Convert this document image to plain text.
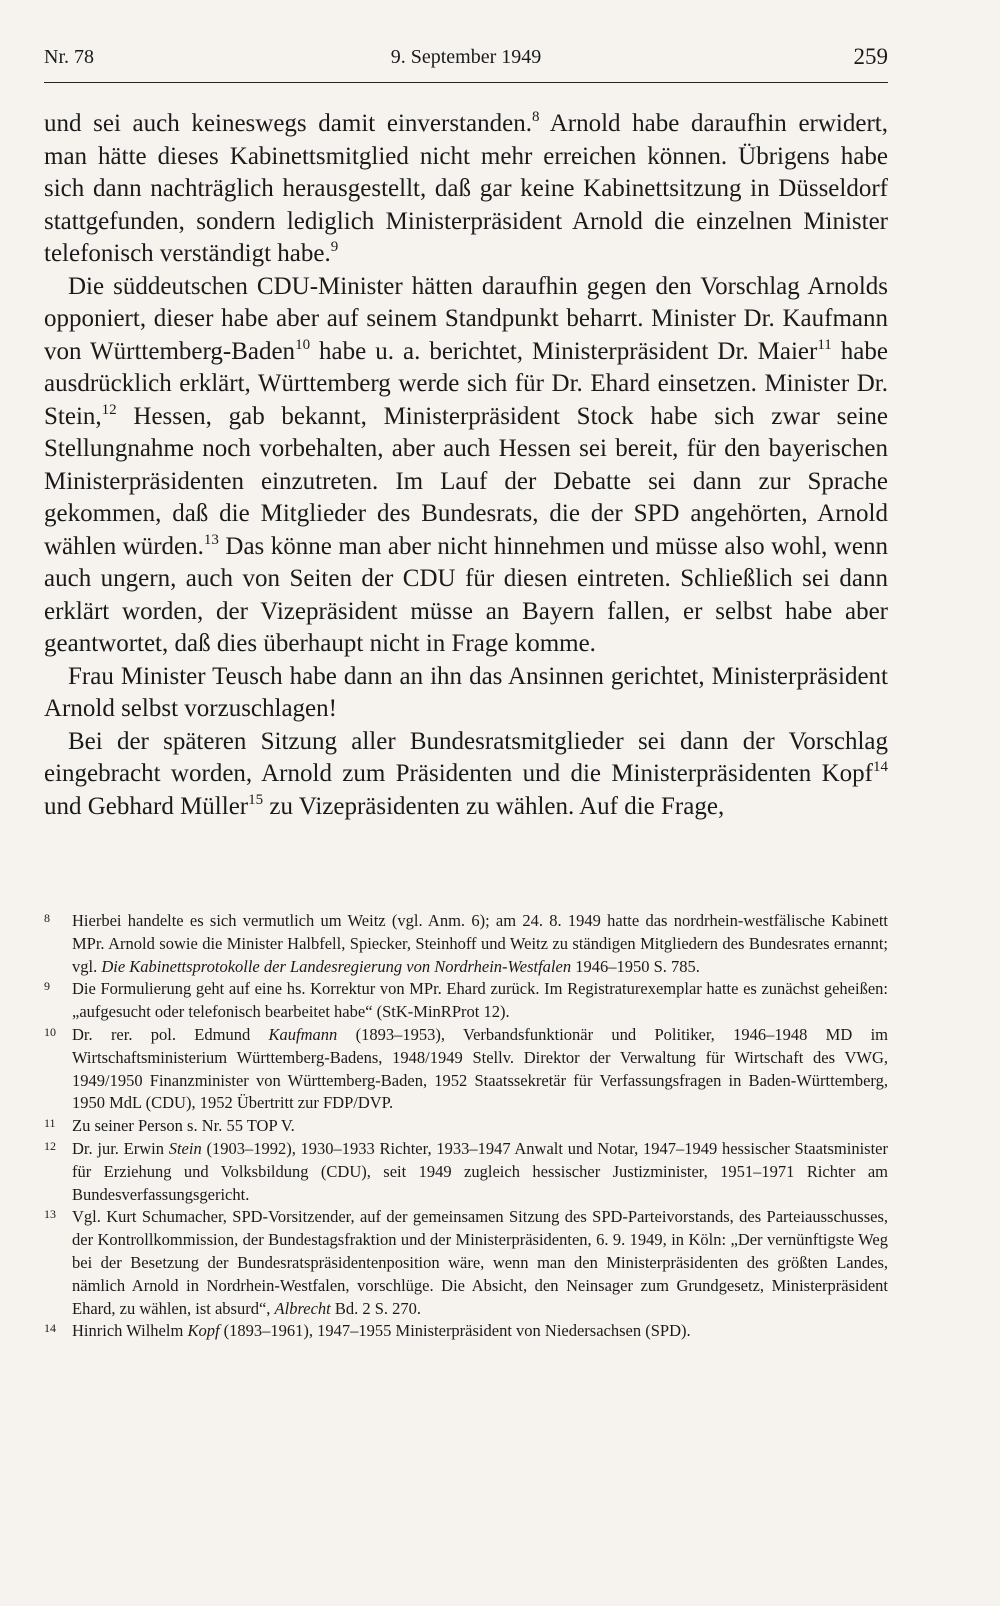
Nr. 78	9. September 1949	259

und sei auch keineswegs damit einverstanden.$^8$ Arnold habe daraufhin erwidert, man hätte dieses Kabinettsmitglied nicht mehr erreichen können. Übrigens habe sich dann nachträglich herausgestellt, daß gar keine Kabinettsitzung in Düsseldorf stattgefunden, sondern lediglich Ministerpräsident Arnold die einzelnen Minister telefonisch verständigt habe.$^9$

Die süddeutschen CDU-Minister hätten daraufhin gegen den Vorschlag Arnolds opponiert, dieser habe aber auf seinem Standpunkt beharrt. Minister Dr. Kaufmann von Württemberg-Baden$^{10}$ habe u. a. berichtet, Ministerpräsident Dr. Maier$^{11}$ habe ausdrücklich erklärt, Württemberg werde sich für Dr. Ehard einsetzen. Minister Dr. Stein,$^{12}$ Hessen, gab bekannt, Ministerpräsident Stock habe sich zwar seine Stellungnahme noch vorbehalten, aber auch Hessen sei bereit, für den bayerischen Ministerpräsidenten einzutreten. Im Lauf der Debatte sei dann zur Sprache gekommen, daß die Mitglieder des Bundesrats, die der SPD angehörten, Arnold wählen würden.$^{13}$ Das könne man aber nicht hinnehmen und müsse also wohl, wenn auch ungern, auch von Seiten der CDU für diesen eintreten. Schließlich sei dann erklärt worden, der Vizepräsident müsse an Bayern fallen, er selbst habe aber geantwortet, daß dies überhaupt nicht in Frage komme.

Frau Minister Teusch habe dann an ihn das Ansinnen gerichtet, Ministerpräsident Arnold selbst vorzuschlagen!

Bei der späteren Sitzung aller Bundesratsmitglieder sei dann der Vorschlag eingebracht worden, Arnold zum Präsidenten und die Ministerpräsidenten Kopf$^{14}$ und Gebhard Müller$^{15}$ zu Vizepräsidenten zu wählen. Auf die Frage,

8 Hierbei handelte es sich vermutlich um Weitz (vgl. Anm. 6); am 24. 8. 1949 hatte das nordrhein-westfälische Kabinett MPr. Arnold sowie die Minister Halbfell, Spiecker, Steinhoff und Weitz zu ständigen Mitgliedern des Bundesrates ernannt; vgl. Die Kabinettsprotokolle der Landesregierung von Nordrhein-Westfalen 1946–1950 S. 785.
9 Die Formulierung geht auf eine hs. Korrektur von MPr. Ehard zurück. Im Registraturexemplar hatte es zunächst geheißen: „aufgesucht oder telefonisch bearbeitet habe“ (StK-MinRProt 12).
10 Dr. rer. pol. Edmund Kaufmann (1893–1953), Verbandsfunktionär und Politiker, 1946–1948 MD im Wirtschaftsministerium Württemberg-Badens, 1948/1949 Stellv. Direktor der Verwaltung für Wirtschaft des VWG, 1949/1950 Finanzminister von Württemberg-Baden, 1952 Staatssekretär für Verfassungsfragen in Baden-Württemberg, 1950 MdL (CDU), 1952 Übertritt zur FDP/DVP.
11 Zu seiner Person s. Nr. 55 TOP V.
12 Dr. jur. Erwin Stein (1903–1992), 1930–1933 Richter, 1933–1947 Anwalt und Notar, 1947–1949 hessischer Staatsminister für Erziehung und Volksbildung (CDU), seit 1949 zugleich hessischer Justizminister, 1951–1971 Richter am Bundesverfassungsgericht.
13 Vgl. Kurt Schumacher, SPD-Vorsitzender, auf der gemeinsamen Sitzung des SPD-Parteivorstands, des Parteiausschusses, der Kontrollkommission, der Bundestagsfraktion und der Ministerpräsidenten, 6. 9. 1949, in Köln: „Der vernünftigste Weg bei der Besetzung der Bundesratspräsidentenposition wäre, wenn man den Ministerpräsidenten des größten Landes, nämlich Arnold in Nordrhein-Westfalen, vorschlüge. Die Absicht, den Neinsager zum Grundgesetz, Ministerpräsident Ehard, zu wählen, ist absurd“, Albrecht Bd. 2 S. 270.
14 Hinrich Wilhelm Kopf (1893–1961), 1947–1955 Ministerpräsident von Niedersachsen (SPD).
